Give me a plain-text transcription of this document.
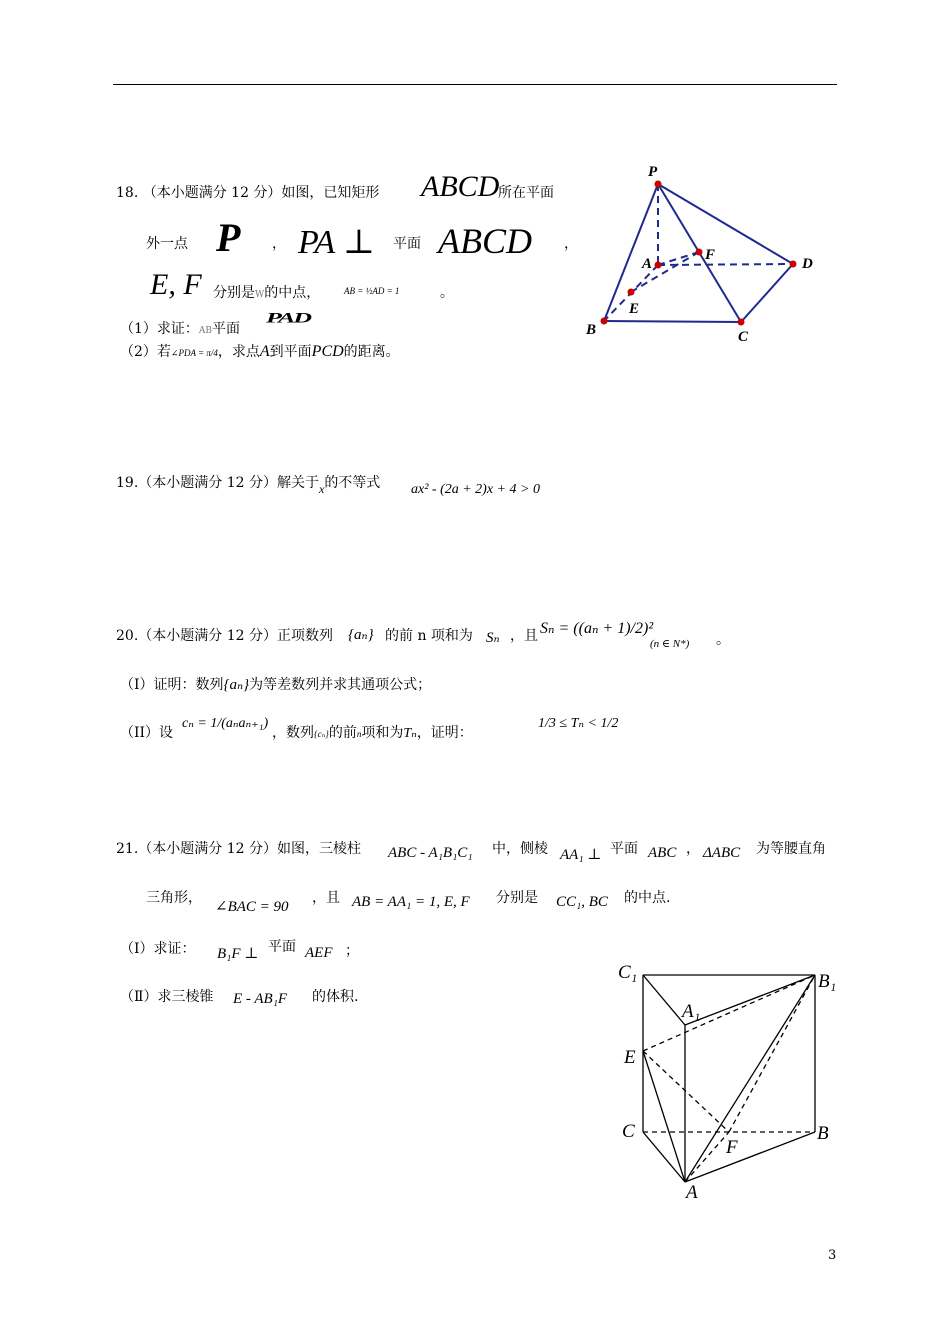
18. （本小题满分 12 分）如图，已知矩形 ABCD
所在平面
外一点 P ， PA ⊥ 平面 ABCD ，
E, F 分别是W的中点，	AB = ½AD = 1	。
（1）求证：AB平面
PAD
（2）若∠PDA = π/4，求点A到平面PCD的距离。
P
A
F
D
E
B	C
19.（本小题满分 12 分）解关于x的不等式 ax² - (2a + 2)x + 4 > 0
20.（本小题满分 12 分）正项数列 {aₙ} 的前 n 项和为 Sₙ ，且 Sₙ = ((aₙ + 1)/2)²
(n ∈ N*) 。
（I）证明：数列{aₙ}为等差数列并求其通项公式；
（II）设
cₙ = 1/(aₙaₙ₊₁)
，数列{cₙ}的前n项和为Tₙ，证明：
1/3 ≤ Tₙ < 1/2
21.（本小题满分 12 分）如图，三棱柱 ABC - A₁B₁C₁ 中，侧棱 AA₁ ⊥ 平面 ABC ， ΔABC 为等腰直角
三角形，
∠BAC = 90
，且 AB = AA₁ = 1, E, F 分别是 CC₁, BC 的中点.
（Ⅰ）求证： B₁F ⊥ 平面 AEF ；
（Ⅱ）求三棱锥 E - AB₁F 的体积.
C₁	B₁
A₁
E
C	B
F
A
3
